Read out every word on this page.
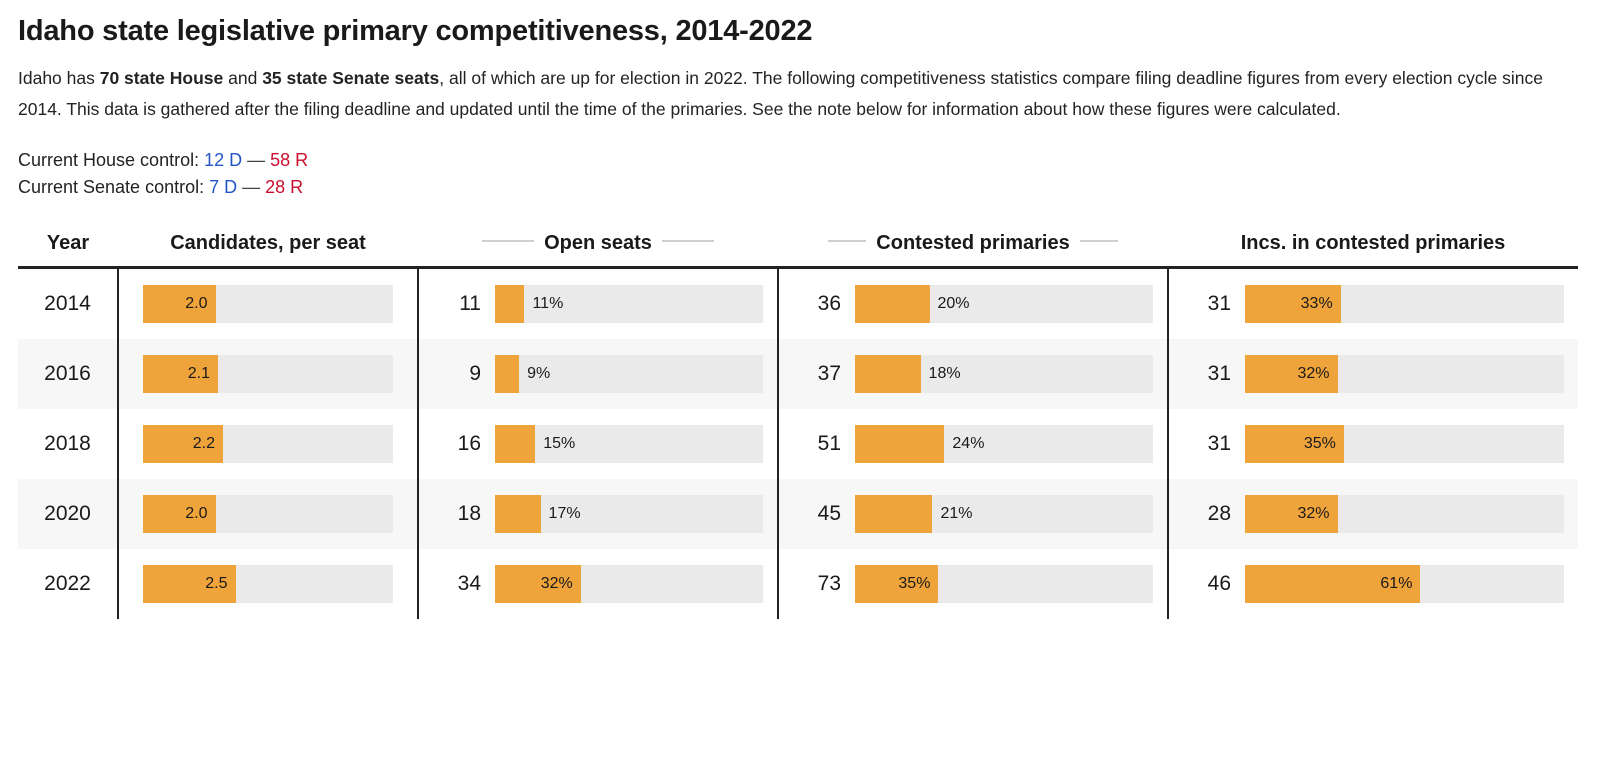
Idaho state legislative primary competitiveness, 2014-2022

Idaho has 70 state House and 35 state Senate seats, all of which are up for election in 2022. The following competitiveness statistics compare filing deadline figures from every election cycle since 2014. This data is gathered after the filing deadline and updated until the time of the primaries. See the note below for information about how these figures were calculated.

Current House control: 12 D — 58 R
Current Senate control: 7 D — 28 R
Year	Candidates, per seat	Open seats	Contested primaries	Incs. in contested primaries
2014	2.0	11 11%	36 20%	31 33%

2016	2.1	9 9%	37 18%	31 32%

2018	2.2	16 15%	51 24%	31 35%

2020	2.0	18 17%	45 21%	28 32%

2022	2.5	34 32%	73 35%	46 61%
